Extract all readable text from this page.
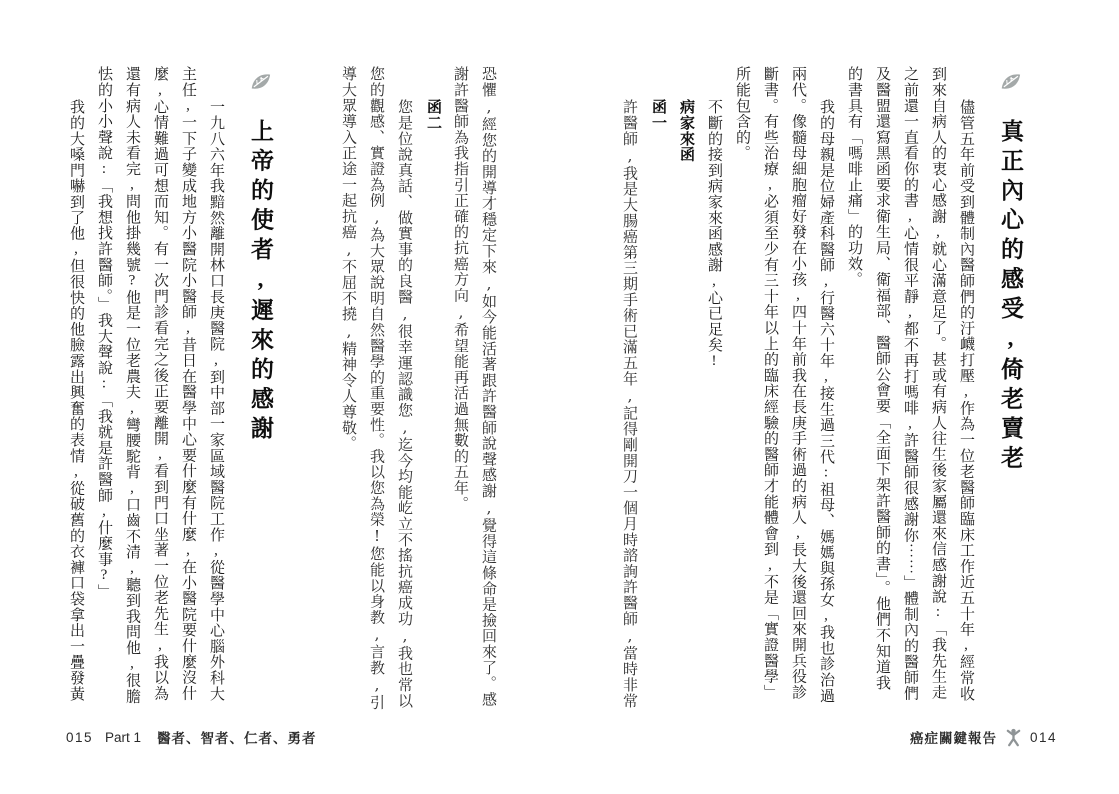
真正內心的感受,倚老賣老
儘管五年前受到體制內醫師們的汙衊打壓,作為一位老醫師臨床工作近五十年,經常收
到來自病人的衷心感謝,就心滿意足了。甚或有病人往生後家屬還來信感謝說:「我先生走
之前還一直看你的書,心情很平靜,都不再打嗎啡,許醫師很感謝你⋯⋯」體制內的醫師們
及醫盟還寫黑函要求衛生局、衛福部、醫師公會要「全面下架許醫師的書」。他們不知道我
的書具有「嗎啡止痛」的功效。
我的母親是位婦產科醫師,行醫六十年,接生過三代:祖母、媽媽與孫女,我也診治過
兩代。像髓母細胞瘤好發在小孩,四十年前我在長庚手術過的病人,長大後還回來開兵役診
斷書。有些治療,必須至少有三十年以上的臨床經驗的醫師才能體會到,不是「實證醫學」
所能包含的。
不斷的接到病家來函感謝,心已足矣!
病家來函
函一
許醫師,我是大腸癌第三期手術已滿五年,記得剛開刀一個月時諮詢許醫師,當時非常
恐懼,經您的開導才穩定下來,如今能活著跟許醫師說聲感謝,覺得這條命是撿回來了。感
謝許醫師為我指引正確的抗癌方向,希望能再活過無數的五年。
函二
您是位說真話、做實事的良醫,很幸運認識您,迄今均能屹立不搖抗癌成功,我也常以
您的觀感、實證為例,為大眾說明自然醫學的重要性。我以您為榮!您能以身教,言教,引
導大眾導入正途一起抗癌,不屈不撓,精神令人尊敬。
上帝的使者,遲來的感謝
一九八六年我黯然離開林口長庚醫院,到中部一家區域醫院工作,從醫學中心腦外科大
主任,一下子變成地方小醫院小醫師,昔日在醫學中心要什麼有什麼,在小醫院要什麼沒什
麼,心情難過可想而知。有一次門診看完之後正要離開,看到門口坐著一位老先生,我以為
還有病人未看完,問他掛幾號?他是一位老農夫,彎腰駝背,口齒不清,聽到我問他,很膽
怯的小小聲說:「我想找許醫師。」我大聲說:「我就是許醫師,什麼事?」
我的大嗓門嚇到了他,但很快的他臉露出興奮的表情,從破舊的衣褲口袋拿出一疊發黃
015 Part 1 醫者、智者、仁者、勇者	癌症關鍵報告 014
